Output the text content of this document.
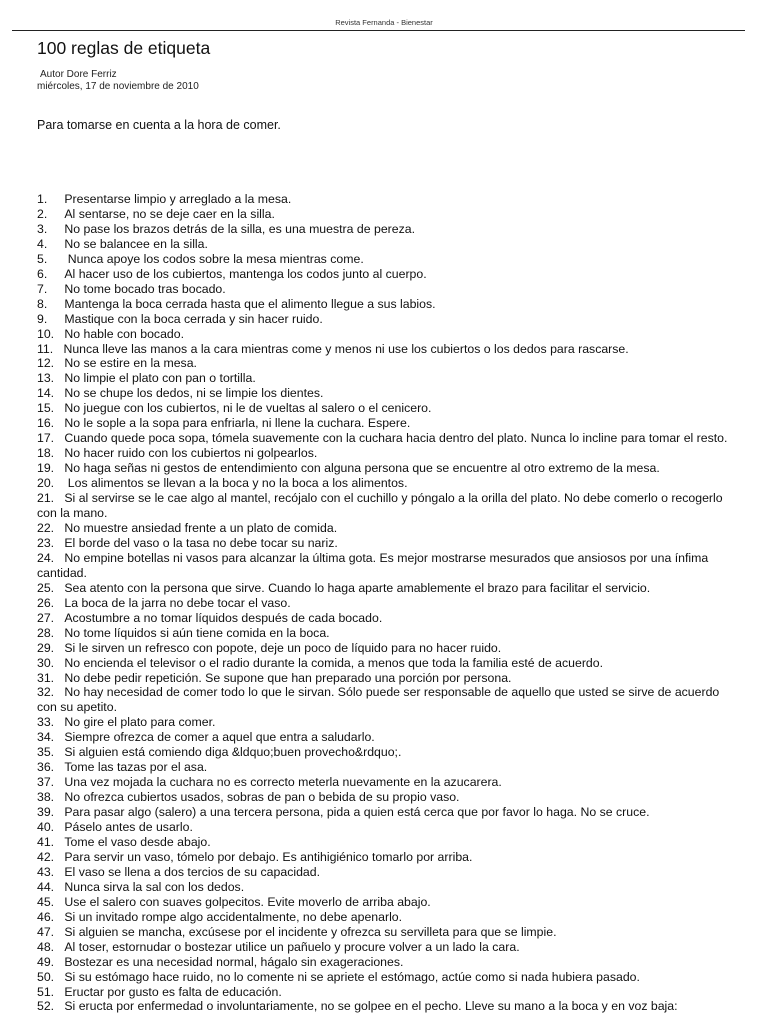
Revista Fernanda - Bienestar
100 reglas de etiqueta
Autor Dore Ferriz
miércoles, 17 de noviembre de 2010
Para tomarse en cuenta a la hora de comer.
1. Presentarse limpio y arreglado a la mesa.
2. Al sentarse, no se deje caer en la silla.
3. No pase los brazos detrás de la silla, es una muestra de pereza.
4. No se balancee en la silla.
5.      Nunca apoye los codos sobre la mesa mientras come.
6. Al hacer uso de los cubiertos, mantenga los codos junto al cuerpo.
7. No tome bocado tras bocado.
8. Mantenga la boca cerrada hasta que el alimento llegue a sus labios.
9. Mastique con la boca cerrada y sin hacer ruido.
10. No hable con bocado.
11. Nunca lleve las manos a la cara mientras come y menos ni use los cubiertos o los dedos para rascarse.
12. No se estire en la mesa.
13. No limpie el plato con pan o tortilla.
14. No se chupe los dedos, ni se limpie los dientes.
15. No juegue con los cubiertos, ni le de vueltas al salero o el cenicero.
16. No le sople a la sopa para enfriarla, ni llene la cuchara. Espere.
17. Cuando quede poca sopa, tómela suavemente con la cuchara hacia dentro del plato. Nunca lo incline para tomar el resto.
18. No hacer ruido con los cubiertos ni golpearlos.
19. No haga señas ni gestos de entendimiento con alguna persona que se encuentre al otro extremo de la mesa.
20.    Los alimentos se llevan a la boca y no la boca a los alimentos.
21. Si al servirse se le cae algo al mantel, recójalo con el cuchillo y póngalo a la orilla del plato. No debe comerlo o recogerlo con la mano.
22. No muestre ansiedad frente a un plato de comida.
23. El borde del vaso o la tasa no debe tocar su nariz.
24. No empine botellas ni vasos para alcanzar la última gota. Es mejor mostrarse mesurados que ansiosos por una ínfima cantidad.
25. Sea atento con la persona que sirve. Cuando lo haga aparte amablemente el brazo para facilitar el servicio.
26. La boca de la jarra no debe tocar el vaso.
27. Acostumbre a no tomar líquidos después de cada bocado.
28. No tome líquidos si aún tiene comida en la boca.
29. Si le sirven un refresco con popote, deje un poco de líquido para no hacer ruido.
30. No encienda el televisor o el radio durante la comida, a menos que toda la familia esté de acuerdo.
31. No debe pedir repetición. Se supone que han preparado una porción por persona.
32. No hay necesidad de comer todo lo que le sirvan. Sólo puede ser responsable de aquello que usted se sirve de acuerdo con su apetito.
33. No gire el plato para comer.
34. Siempre ofrezca de comer a aquel que entra a saludarlo.
35. Si alguien está comiendo diga &ldquo;buen provecho&rdquo;.
36. Tome las tazas por el asa.
37. Una vez mojada la cuchara no es correcto meterla nuevamente en la azucarera.
38. No ofrezca cubiertos usados, sobras de pan o bebida de su propio vaso.
39. Para pasar algo (salero) a una tercera persona, pida a quien está cerca que por favor lo haga. No se cruce.
40. Páselo antes de usarlo.
41. Tome el vaso desde abajo.
42. Para servir un vaso, tómelo por debajo. Es antihigiénico tomarlo por arriba.
43. El vaso se llena a dos tercios de su capacidad.
44. Nunca sirva la sal con los dedos.
45. Use el salero con suaves golpecitos. Evite moverlo de arriba abajo.
46. Si un invitado rompe algo accidentalmente, no debe apenarlo.
47. Si alguien se mancha, excúsese por el incidente y ofrezca su servilleta para que se limpie.
48. Al toser, estornudar o bostezar utilice un pañuelo y procure volver a un lado la cara.
49. Bostezar es una necesidad normal, hágalo sin exageraciones.
50. Si su estómago hace ruido, no lo comente ni se apriete el estómago, actúe como si nada hubiera pasado.
51. Eructar por gusto es falta de educación.
52. Si eructa por enfermedad o involuntariamente, no se golpee en el pecho. Lleve su mano a la boca y en voz baja:
